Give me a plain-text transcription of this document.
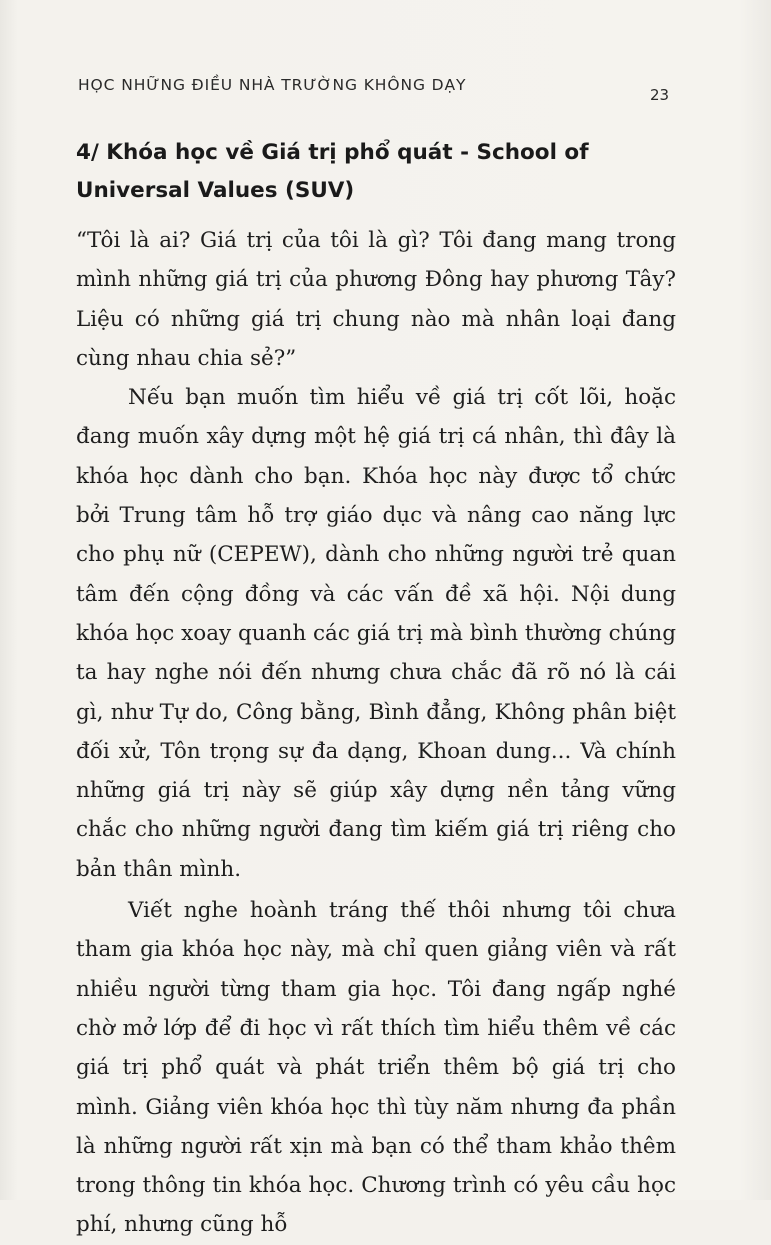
HỌC NHỮNG ĐIỀU NHÀ TRƯỜNG KHÔNG DẠY
23
4/ Khóa học về Giá trị phổ quát - School of Universal Values (SUV)

“Tôi là ai? Giá trị của tôi là gì? Tôi đang mang trong mình những giá trị của phương Đông hay phương Tây? Liệu có những giá trị chung nào mà nhân loại đang cùng nhau chia sẻ?”

Nếu bạn muốn tìm hiểu về giá trị cốt lõi, hoặc đang muốn xây dựng một hệ giá trị cá nhân, thì đây là khóa học dành cho bạn. Khóa học này được tổ chức bởi Trung tâm hỗ trợ giáo dục và nâng cao năng lực cho phụ nữ (CEPEW), dành cho những người trẻ quan tâm đến cộng đồng và các vấn đề xã hội. Nội dung khóa học xoay quanh các giá trị mà bình thường chúng ta hay nghe nói đến nhưng chưa chắc đã rõ nó là cái gì, như Tự do, Công bằng, Bình đẳng, Không phân biệt đối xử, Tôn trọng sự đa dạng, Khoan dung... Và chính những giá trị này sẽ giúp xây dựng nền tảng vững chắc cho những người đang tìm kiếm giá trị riêng cho bản thân mình.

Viết nghe hoành tráng thế thôi nhưng tôi chưa tham gia khóa học này, mà chỉ quen giảng viên và rất nhiều người từng tham gia học. Tôi đang ngấp nghé chờ mở lớp để đi học vì rất thích tìm hiểu thêm về các giá trị phổ quát và phát triển thêm bộ giá trị cho mình. Giảng viên khóa học thì tùy năm nhưng đa phần là những người rất xịn mà bạn có thể tham khảo thêm trong thông tin khóa học. Chương trình có yêu cầu học phí, nhưng cũng hỗ
